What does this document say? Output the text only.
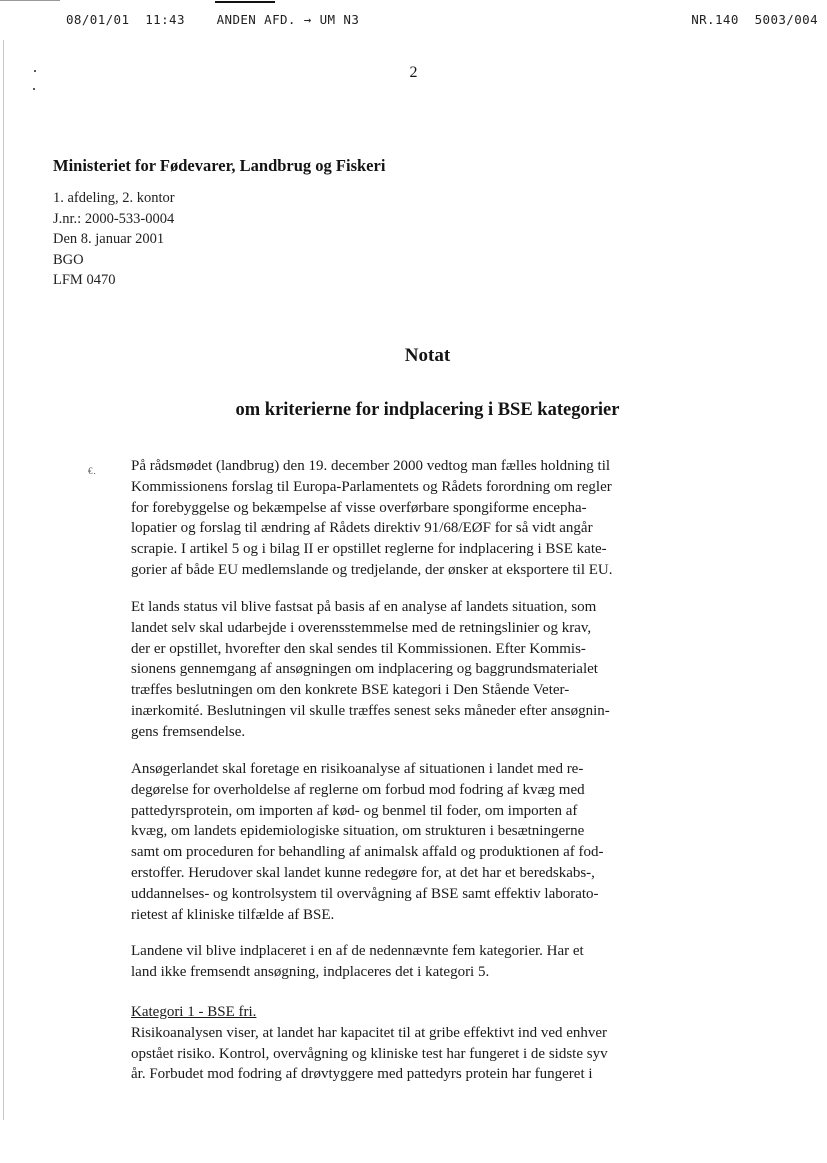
08/01/01  11:43    ANDEN AFD. → UM N3	NR.140  5003/004
2
Ministeriet for Fødevarer, Landbrug og Fiskeri
1. afdeling, 2. kontor
J.nr.: 2000-533-0004
Den 8. januar 2001
BGO
LFM 0470
Notat
om kriterierne for indplacering i BSE kategorier
€. På rådsmødet (landbrug) den 19. december 2000 vedtog man fælles holdning til
Kommissionens forslag til Europa-Parlamentets og Rådets forordning om regler
for forebyggelse og bekæmpelse af visse overførbare spongiforme encepha-
lopatier og forslag til ændring af Rådets direktiv 91/68/EØF for så vidt angår
scrapie. I artikel 5 og i bilag II er opstillet reglerne for indplacering i BSE kate-
gorier af både EU medlemslande og tredjelande, der ønsker at eksportere til EU.
Et lands status vil blive fastsat på basis af en analyse af landets situation, som
landet selv skal udarbejde i overensstemmelse med de retningslinier og krav,
der er opstillet, hvorefter den skal sendes til Kommissionen. Efter Kommis-
sionens gennemgang af ansøgningen om indplacering og baggrundsmaterialet
træffes beslutningen om den konkrete BSE kategori i Den Stående Veter-
inærkomité. Beslutningen vil skulle træffes senest seks måneder efter ansøgnin-
gens fremsendelse.
Ansøgerlandet skal foretage en risikoanalyse af situationen i landet med re-
degørelse for overholdelse af reglerne om forbud mod fodring af kvæg med
pattedyrsprotein, om importen af kød- og benmel til foder, om importen af
kvæg, om landets epidemiologiske situation, om strukturen i besætningerne
samt om proceduren for behandling af animalsk affald og produktionen af fod-
erstoffer. Herudover skal landet kunne redegøre for, at det har et beredskabs-,
uddannelses- og kontrolsystem til overvågning af BSE samt effektiv laborato-
rietest af kliniske tilfælde af BSE.
Landene vil blive indplaceret i en af de nedennævnte fem kategorier. Har et
land ikke fremsendt ansøgning, indplaceres det i kategori 5.
Kategori 1 - BSE fri.
Risikoanalysen viser, at landet har kapacitet til at gribe effektivt ind ved enhver
opstået risiko. Kontrol, overvågning og kliniske test har fungeret i de sidste syv
år. Forbudet mod fodring af drøvtyggere med pattedyrs protein har fungeret i
